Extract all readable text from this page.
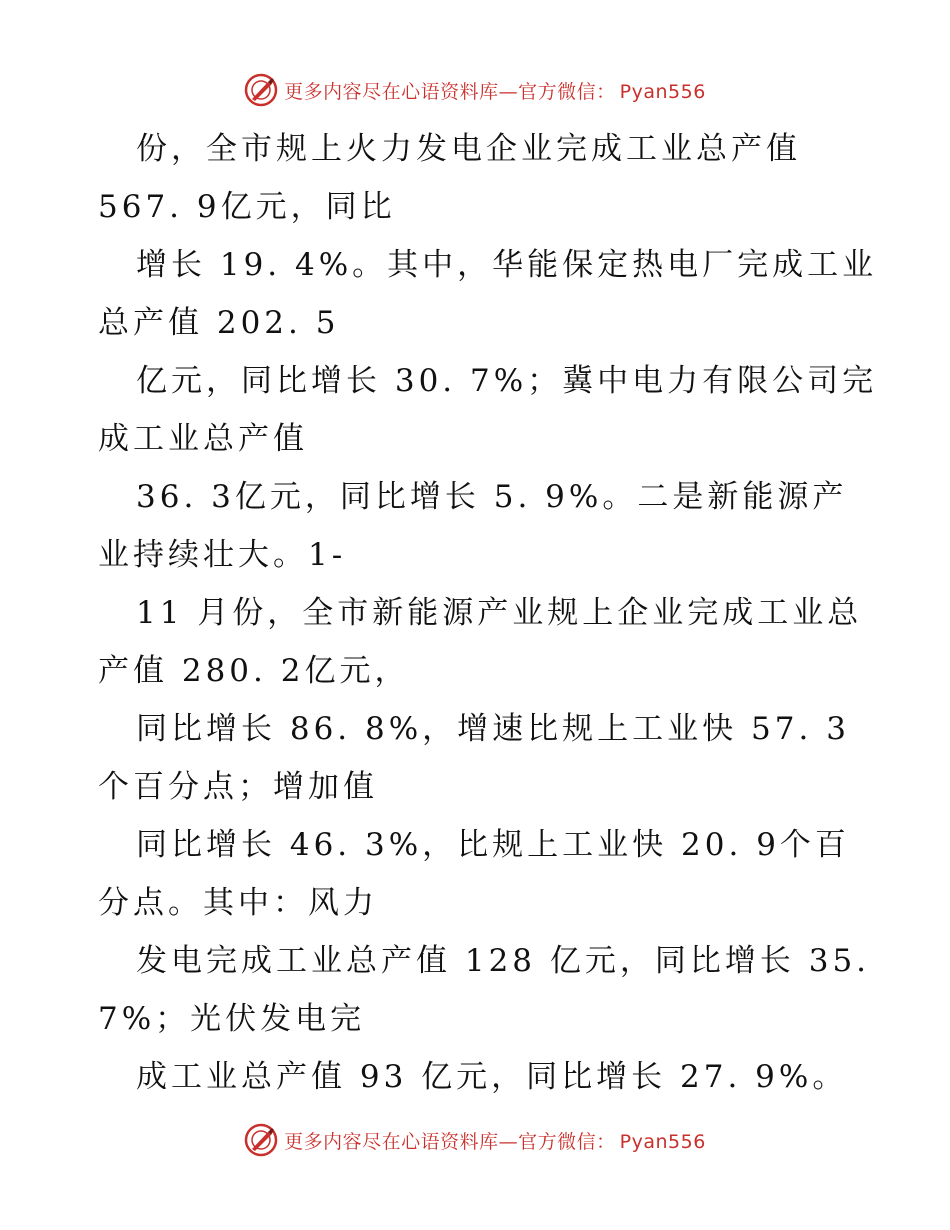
更多内容尽在心语资料库—官方微信： Pyan556
份，全市规上火力发电企业完成工业总产值
567. 9亿元，同比
增长 19. 4%。其中，华能保定热电厂完成工业
总产值 202. 5
亿元，同比增长 30. 7%；冀中电力有限公司完
成工业总产值
36. 3亿元，同比增长 5. 9%。二是新能源产
业持续壮大。1-
11 月份，全市新能源产业规上企业完成工业总
产值 280. 2亿元，
同比增长 86. 8%，增速比规上工业快 57. 3
个百分点；增加值
同比增长 46. 3%，比规上工业快 20. 9个百
分点。其中：风力
发电完成工业总产值 128 亿元，同比增长 35.
7%；光伏发电完
成工业总产值 93 亿元，同比增长 27. 9%。
更多内容尽在心语资料库—官方微信： Pyan556
